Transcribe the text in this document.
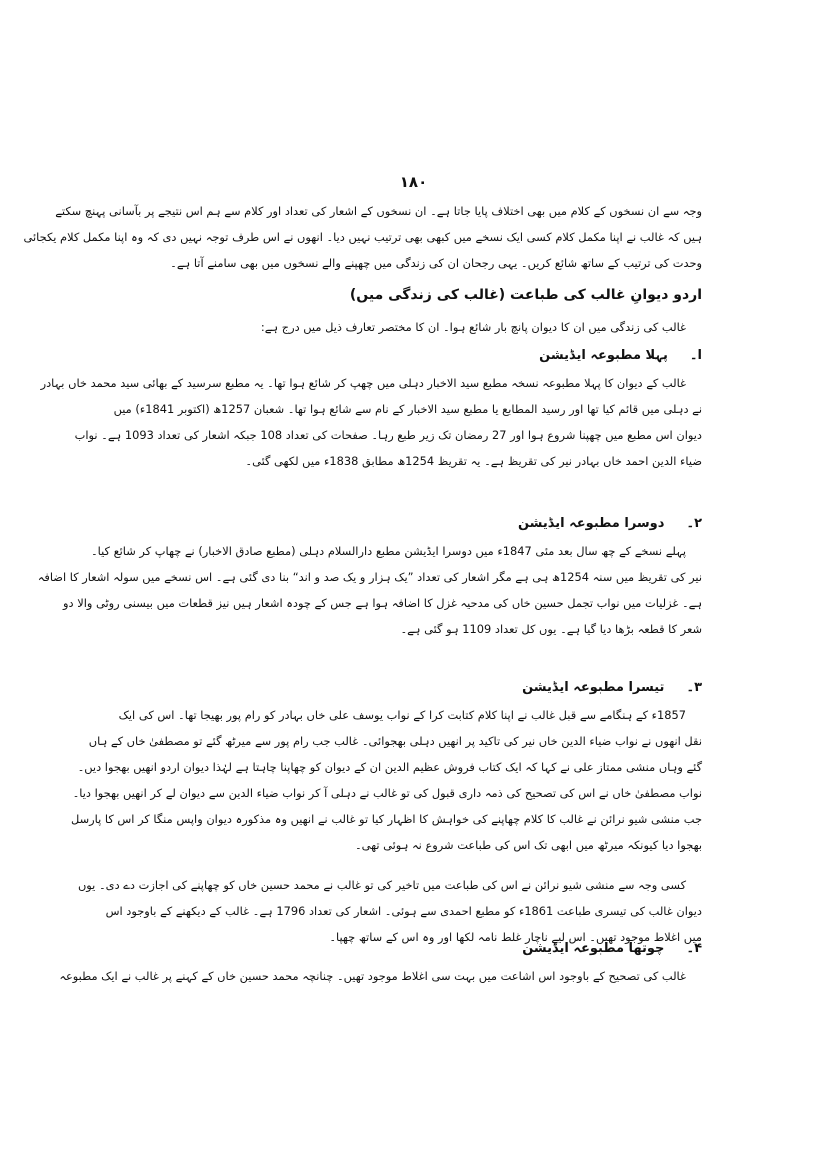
۱۸۰
وجہ سے ان نسخوں کے کلام میں بھی اختلاف پایا جاتا ہے۔ ان نسخوں کے اشعار کی تعداد اور کلام سے ہم اس نتیجے پر بآسانی پہنچ سکتے
ہیں کہ غالب نے اپنا مکمل کلام کسی ایک نسخے میں کبھی بھی ترتیب نہیں دیا۔ انھوں نے اس طرف توجہ نہیں دی کہ وہ اپنا مکمل کلام یکجائی
وحدت کی ترتیب کے ساتھ شائع کریں۔ یہی رجحان ان کی زندگی میں چھپنے والے نسخوں میں بھی سامنے آتا ہے۔
اردو دیوانِ غالب کی طباعت (غالب کی زندگی میں)
غالب کی زندگی میں ان کا دیوان پانچ بار شائع ہوا۔ ان کا مختصر تعارف ذیل میں درج ہے:
ا۔پہلا مطبوعہ ایڈیشن
غالب کے دیوان کا پہلا مطبوعہ نسخہ مطبع سید الاخبار دہلی میں چھپ کر شائع ہوا تھا۔ یہ مطبع سرسید کے بھائی سید محمد خاں بہادر
نے دہلی میں قائم کیا تھا اور رسید المطابع یا مطبع سید الاخبار کے نام سے شائع ہوا تھا۔ شعبان 1257ھ (اکتوبر 1841ء) میں
دیوان اس مطبع میں چھپنا شروع ہوا اور 27 رمضان تک زیر طبع رہا۔ صفحات کی تعداد 108 جبکہ اشعار کی تعداد 1093 ہے۔ نواب
ضیاء الدین احمد خاں بہادر نیر کی تقریظ ہے۔ یہ تقریظ 1254ھ مطابق 1838ء میں لکھی گئی۔
۲۔دوسرا مطبوعہ ایڈیشن
پہلے نسخے کے چھ سال بعد مئی 1847ء میں دوسرا ایڈیشن مطبع دارالسلام دہلی (مطبع صادق الاخبار) نے چھاپ کر شائع کیا۔
نیر کی تقریظ میں سنہ 1254ھ ہی ہے مگر اشعار کی تعداد ”یک ہزار و یک صد و اند“ بنا دی گئی ہے۔ اس نسخے میں سولہ اشعار کا اضافہ
ہے۔ غزلیات میں نواب تجمل حسین خاں کی مدحیہ غزل کا اضافہ ہوا ہے جس کے چودہ اشعار ہیں نیز قطعات میں بیسنی روٹی والا دو
شعر کا قطعہ بڑھا دیا گیا ہے۔ یوں کل تعداد 1109 ہو گئی ہے۔
۳۔تیسرا مطبوعہ ایڈیشن
1857ء کے ہنگامے سے قبل غالب نے اپنا کلام کتابت کرا کے نواب یوسف علی خاں بہادر کو رام پور بھیجا تھا۔ اس کی ایک
نقل انھوں نے نواب ضیاء الدین خاں نیر کی تاکید پر انھیں دہلی بھجوائی۔ غالب جب رام پور سے میرٹھ گئے تو مصطفیٰ خاں کے ہاں
گئے وہاں منشی ممتاز علی نے کہا کہ ایک کتاب فروش عظیم الدین ان کے دیوان کو چھاپنا چاہتا ہے لہٰذا دیوان اردو انھیں بھجوا دیں۔
نواب مصطفیٰ خاں نے اس کی تصحیح کی ذمہ داری قبول کی تو غالب نے دہلی آ کر نواب ضیاء الدین سے دیوان لے کر انھیں بھجوا دیا۔
جب منشی شیو نرائن نے غالب کا کلام چھاپنے کی خواہش کا اظہار کیا تو غالب نے انھیں وہ مذکورہ دیوان واپس منگا کر اس کا پارسل
بھجوا دیا کیونکہ میرٹھ میں ابھی تک اس کی طباعت شروع نہ ہوئی تھی۔
کسی وجہ سے منشی شیو نرائن نے اس کی طباعت میں تاخیر کی تو غالب نے محمد حسین خاں کو چھاپنے کی اجازت دے دی۔ یوں
دیوان غالب کی تیسری طباعت 1861ء کو مطبع احمدی سے ہوئی۔ اشعار کی تعداد 1796 ہے۔ غالب کے دیکھنے کے باوجود اس
میں اغلاط موجود تھیں۔ اس لیے ناچار غلط نامہ لکھا اور وہ اس کے ساتھ چھپا۔
۴۔چوتھا مطبوعہ ایڈیشن
غالب کی تصحیح کے باوجود اس اشاعت میں بہت سی اغلاط موجود تھیں۔ چنانچہ محمد حسین خاں کے کہنے پر غالب نے ایک مطبوعہ
